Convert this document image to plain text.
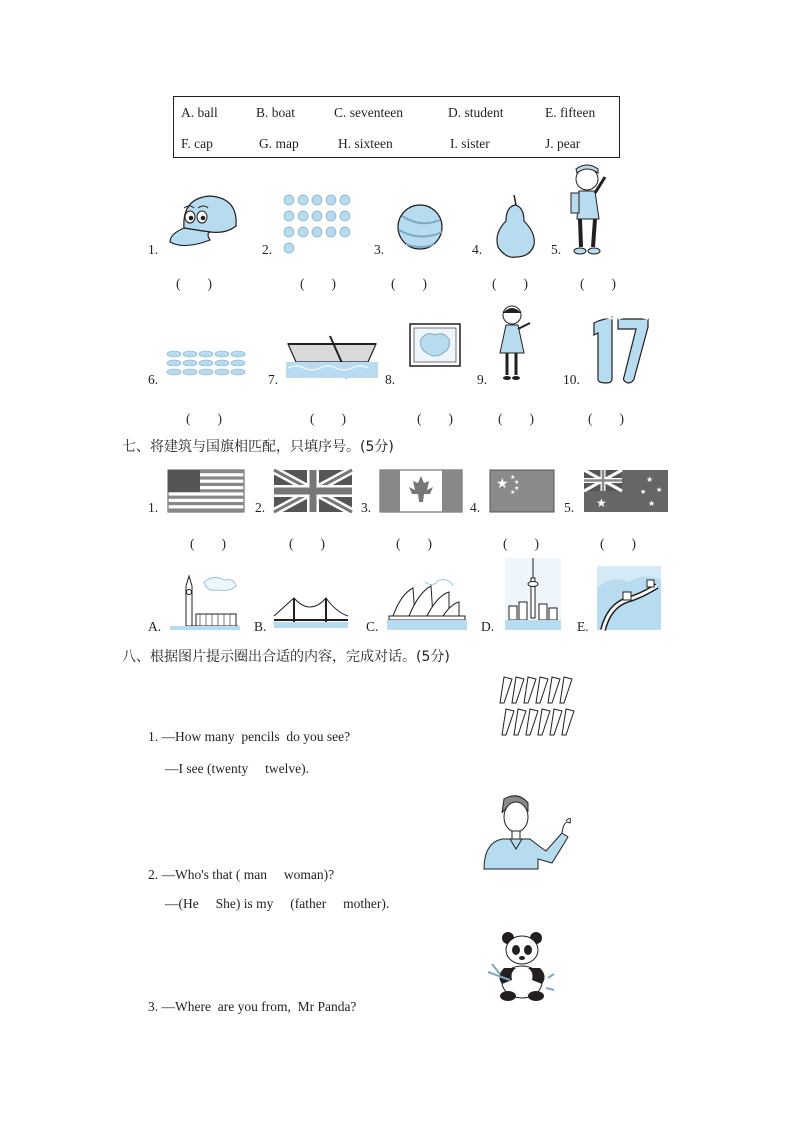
A. ball	B. boat	C. seventeen	D. student	E. fifteen
F. cap	G. map	H. sixteen	I. sister	J. pear
1.	2.	3.	4.	5.
(　　)	(　　)	(　　)	(　　)	(　　)
6.	7.	8.	9.	10.
(　　)	(　　)	(　　)	(　　)	(　　)
七、将建筑与国旗相匹配，只填序号。(5分)
1.	2.	3.	4.	5.
★ ★
★
★
★
★
★
★
★
★
(　　)	(　　)	(　　)	(　　)	(　　)
A.	B.	C.	D.	E.
八、根据图片提示圈出合适的内容，完成对话。(5分)
1. —How many  pencils  do you see?
—I see (twenty     twelve).
2. —Who's that ( man     woman)?
—(He     She) is my     (father     mother).
3. —Where  are you from,  Mr Panda?
